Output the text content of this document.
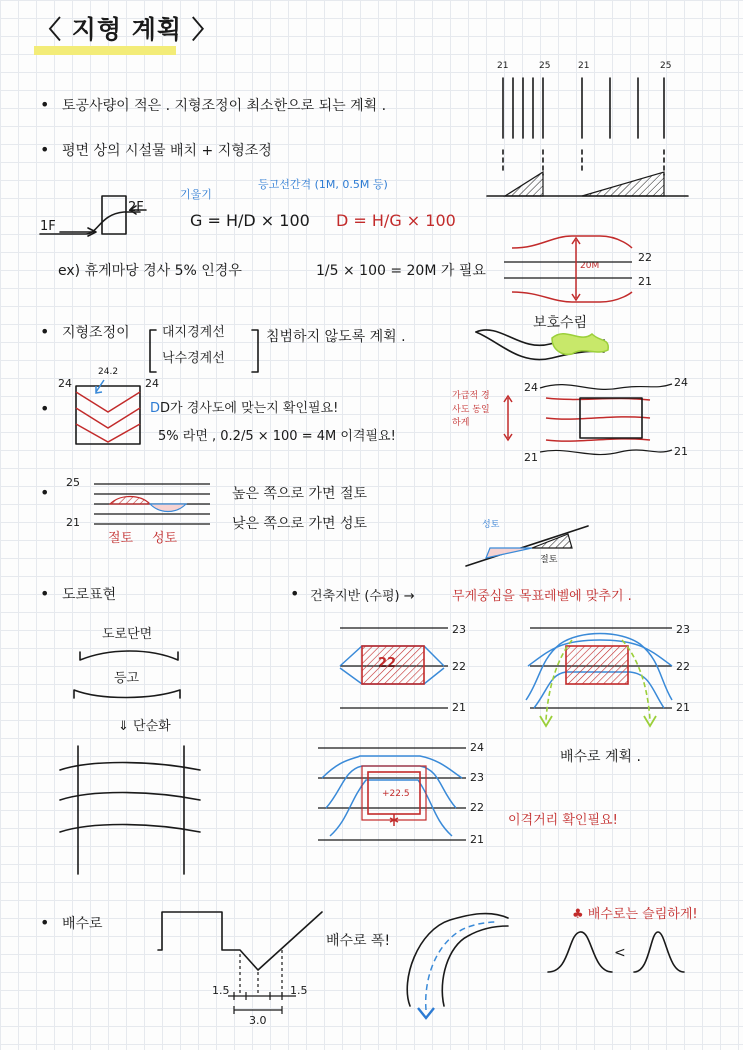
〈 지형 계획 〉
• 토공사량이 적은 . 지형조정이 최소한으로 되는 계획 .
• 평면 상의 시설물 배치 + 지형조정
1F
2F
기울기
등고선간격 (1M, 0.5M 등)
G = H/D × 100 D = H/G × 100
ex) 휴게마당 경사 5% 인경우	1/5 × 100 = 20M 가 필요	20M
22
21
• 지형조정이 대지경계선
낙수경계선
침범하지 않도록 계획 .
보호수림
24
24.2
24
•	DD가 경사도에 맞는지 확인필요!
5% 라면 , 0.2/5 × 100 = 4M 이격필요!
가급적 경사도 동일하게
24	24
21	21
25
21
•
절토 성토
높은 쪽으로 가면 절토
낮은 쪽으로 가면 성토	성토
절토
• 도로표현	• 건축지반 (수평) →	무게중심을 목표레벨에 맞추기 .
도로단면
등고
⇓ 단순화
23
22
21
23
22
21
배수로 계획 .
24
23
22
21
+22.5
이격거리 확인필요!
• 배수로
배수로 폭!
1.5	1.5
3.0
♣ 배수로는 슬림하게!
<
21	25	21	25
